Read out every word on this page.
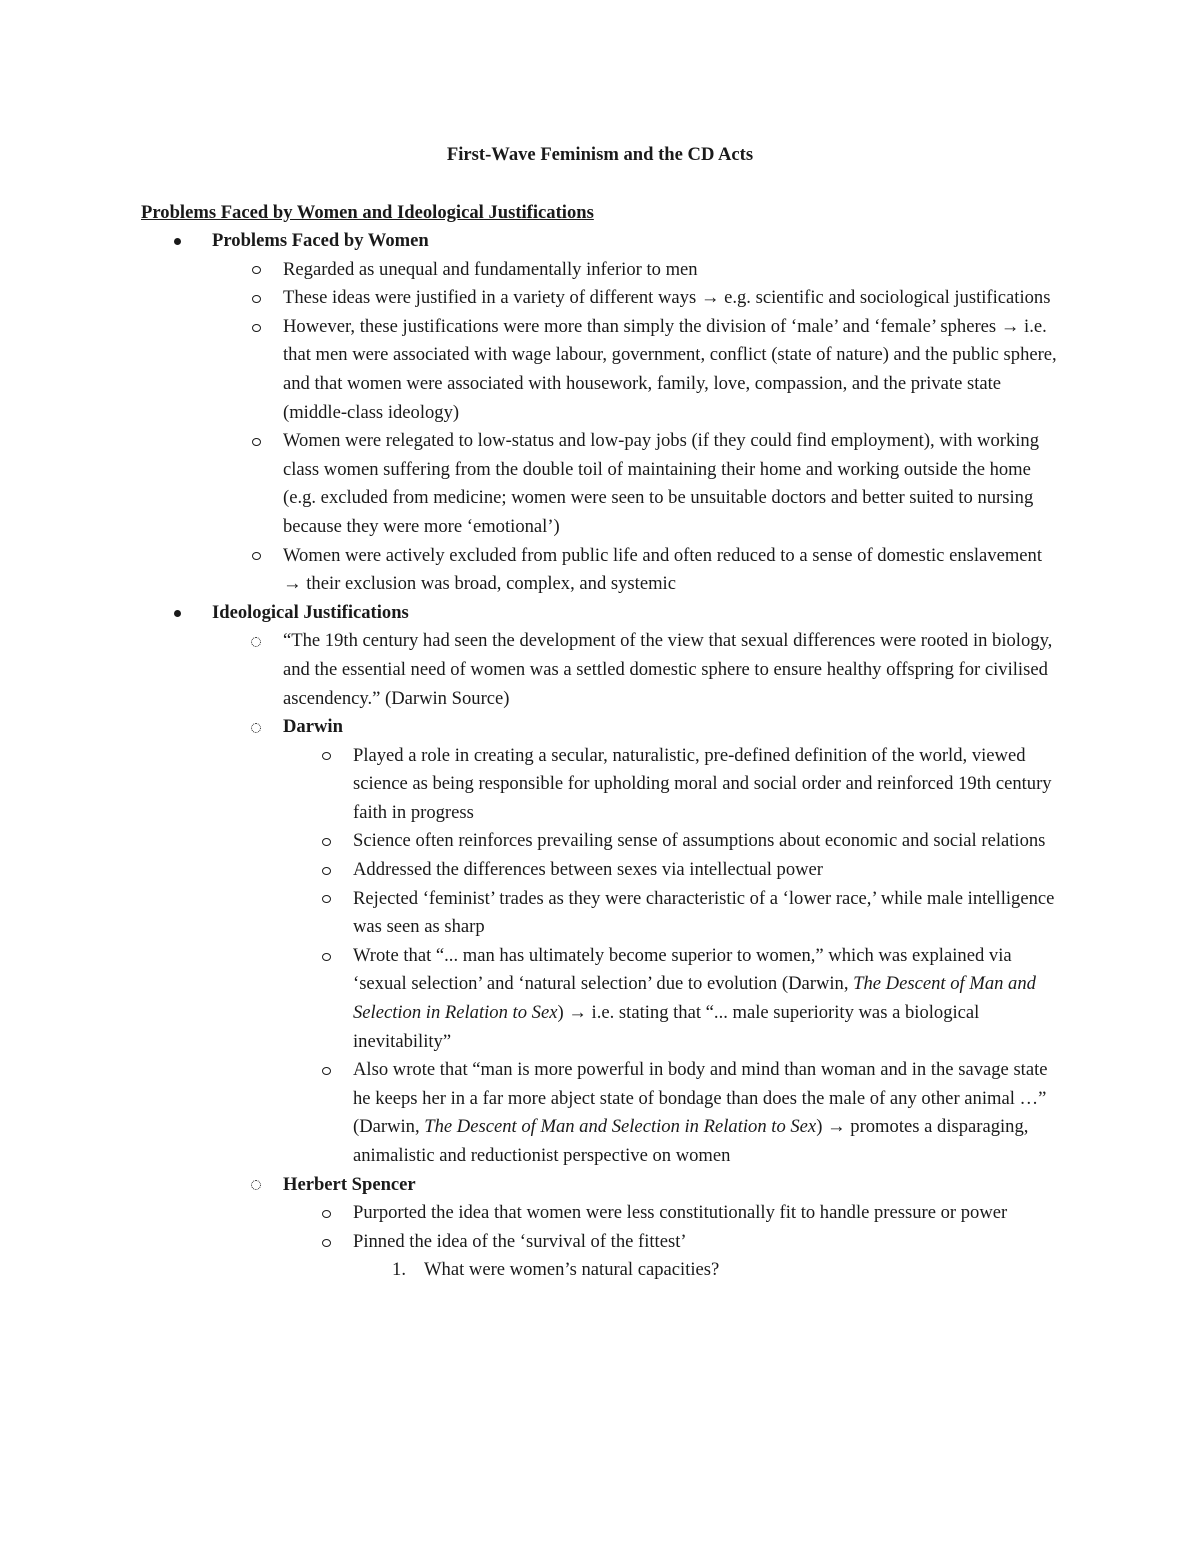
First-Wave Feminism and the CD Acts
Problems Faced by Women and Ideological Justifications
Problems Faced by Women
Regarded as unequal and fundamentally inferior to men
These ideas were justified in a variety of different ways → e.g. scientific and sociological justifications
However, these justifications were more than simply the division of ‘male’ and ‘female’ spheres → i.e. that men were associated with wage labour, government, conflict (state of nature) and the public sphere, and that women were associated with housework, family, love, compassion, and the private state (middle-class ideology)
Women were relegated to low-status and low-pay jobs (if they could find employment), with working class women suffering from the double toil of maintaining their home and working outside the home (e.g. excluded from medicine; women were seen to be unsuitable doctors and better suited to nursing because they were more ‘emotional’)
Women were actively excluded from public life and often reduced to a sense of domestic enslavement → their exclusion was broad, complex, and systemic
Ideological Justifications
“The 19th century had seen the development of the view that sexual differences were rooted in biology, and the essential need of women was a settled domestic sphere to ensure healthy offspring for civilised ascendency.” (Darwin Source)
Darwin
Played a role in creating a secular, naturalistic, pre-defined definition of the world, viewed science as being responsible for upholding moral and social order and reinforced 19th century faith in progress
Science often reinforces prevailing sense of assumptions about economic and social relations
Addressed the differences between sexes via intellectual power
Rejected ‘feminist’ trades as they were characteristic of a ‘lower race,’ while male intelligence was seen as sharp
Wrote that “... man has ultimately become superior to women,” which was explained via ‘sexual selection’ and ‘natural selection’ due to evolution (Darwin, The Descent of Man and Selection in Relation to Sex) → i.e. stating that “... male superiority was a biological inevitability”
Also wrote that “man is more powerful in body and mind than woman and in the savage state he keeps her in a far more abject state of bondage than does the male of any other animal …” (Darwin, The Descent of Man and Selection in Relation to Sex) → promotes a disparaging, animalistic and reductionist perspective on women
Herbert Spencer
Purported the idea that women were less constitutionally fit to handle pressure or power
Pinned the idea of the ‘survival of the fittest’
1. What were women’s natural capacities?
